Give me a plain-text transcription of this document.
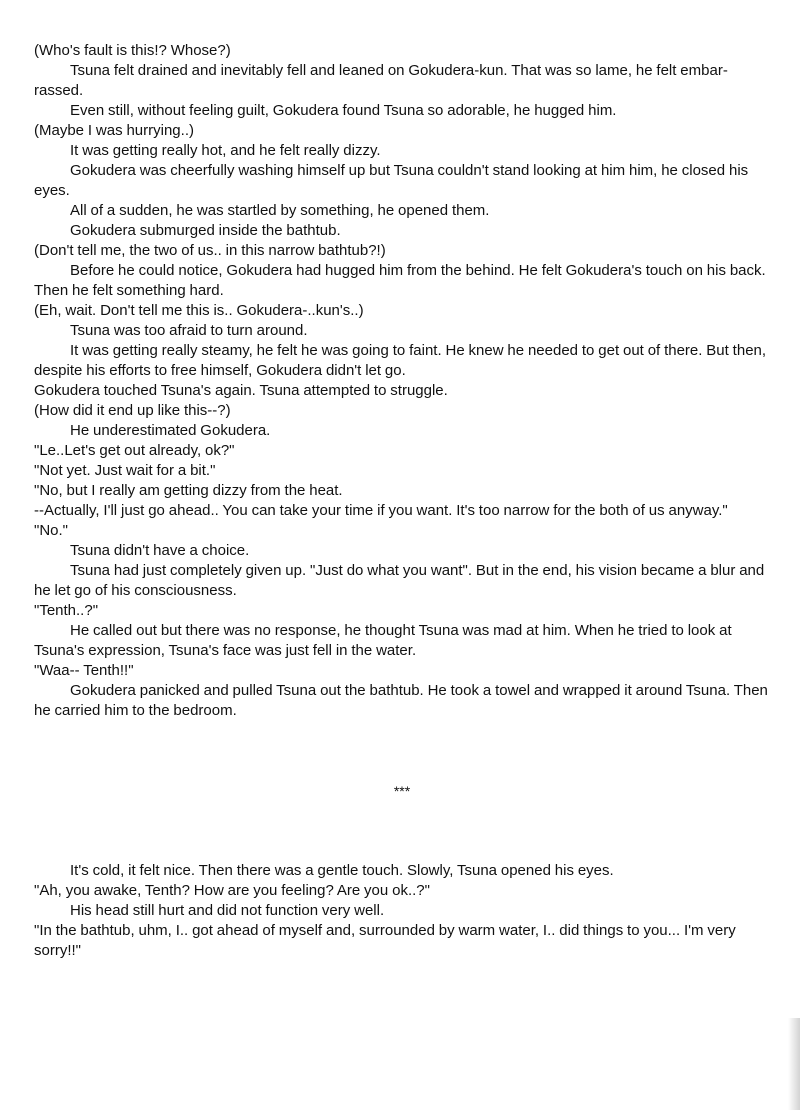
(Who's fault is this!? Whose?)

Tsuna felt drained and inevitably fell and leaned on Gokudera-kun. That was so lame, he felt embar-rassed.

Even still, without feeling guilt, Gokudera found Tsuna so adorable, he hugged him.

(Maybe I was hurrying..)

It was getting really hot, and he felt really dizzy.

Gokudera was cheerfully washing himself up but Tsuna couldn't stand looking at him him, he closed his eyes.

All of a sudden, he was startled by something, he opened them.

Gokudera submurged inside the bathtub.

(Don't tell me, the two of us.. in this narrow bathtub?!)

Before he could notice, Gokudera had hugged him from the behind. He felt Gokudera's touch on his back. Then he felt something hard.

(Eh, wait. Don't tell me this is.. Gokudera-..kun's..)

Tsuna was too afraid to turn around.

It was getting really steamy, he felt he was going to faint. He knew he needed to get out of there. But then, despite his efforts to free himself, Gokudera didn't let go.

Gokudera touched Tsuna's again. Tsuna attempted to struggle.

(How did it end up like this--?)

He underestimated Gokudera.

"Le..Let's get out already, ok?"

"Not yet. Just wait for a bit."

"No, but I really am getting dizzy from the heat.

--Actually, I'll just go ahead.. You can take your time if you want. It's too narrow for the both of us anyway."

"No."

Tsuna didn't have a choice.

Tsuna had just completely given up. "Just do what you want". But in the end, his vision became a blur and he let go of his consciousness.

"Tenth..?"

He called out but there was no response, he thought Tsuna was mad at him. When he tried to look at Tsuna's expression, Tsuna's face was just fell in the water.

"Waa-- Tenth!!"

Gokudera panicked and pulled Tsuna out the bathtub. He took a towel and wrapped it around Tsuna. Then he carried him to the bedroom.

***

It's cold, it felt nice. Then there was a gentle touch. Slowly, Tsuna opened his eyes.

"Ah, you awake, Tenth? How are you feeling? Are you ok..?"

His head still hurt and did not function very well.

"In the bathtub, uhm, I.. got ahead of myself and, surrounded by warm water, I.. did things to you... I'm very sorry!!"
